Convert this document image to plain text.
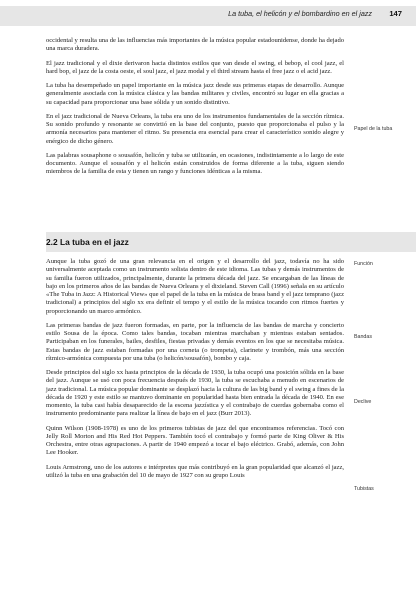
La tuba, el helicón y el bombardino en el jazz 147

occidental y resulta una de las influencias más importantes de la música popular estadounidense, donde ha dejado una marca duradera.

El jazz tradicional y el dixie derivaron hacia distintos estilos que van desde el swing, el bebop, el cool jazz, el hard bop, el jazz de la costa oeste, el soul jazz, el jazz modal y el third stream hasta el free jazz o el acid jazz.

La tuba ha desempeñado un papel importante en la música jazz desde sus primeras etapas de desarrollo. Aunque generalmente asociada con la música clásica y las bandas militares y civiles, encontró su lugar en ella gracias a su capacidad para proporcionar una base sólida y un sonido distintivo.

En el jazz tradicional de Nueva Orleans, la tuba era uno de los instrumentos fundamentales de la sección rítmica. Su sonido profundo y resonante se convirtió en la base del conjunto, puesto que proporcionaba el pulso y la armonía necesarios para mantener el ritmo. Su presencia era esencial para crear el característico sonido alegre y enérgico de dicho género.

Las palabras sousaphone o sousafón, helicón y tuba se utilizarán, en ocasiones, indistintamente a lo largo de este documento. Aunque el sousafón y el helicón están construidos de forma diferente a la tuba, siguen siendo miembros de la familia de esta y tienen un rango y funciones idénticas a la misma.

Papel de la tuba
2.2 La tuba en el jazz

Aunque la tuba gozó de una gran relevancia en el origen y el desarrollo del jazz, todavía no ha sido universalmente aceptada como un instrumento solista dentro de este idioma. Las tubas y demás instrumentos de su familia fueron utilizados, principalmente, durante la primera década del jazz. Se encargaban de las líneas de bajo en los primeros años de las bandas de Nueva Orleans y el dixieland. Steven Call (1996) señala en su artículo «The Tuba in Jazz: A Historical View» que el papel de la tuba en la música de brass band y el jazz temprano (jazz tradicional) a principios del siglo xx era definir el tempo y el estilo de la música tocando con ritmos fuertes y proporcionando un marco armónico.

Las primeras bandas de jazz fueron formadas, en parte, por la influencia de las bandas de marcha y concierto estilo Sousa de la época. Como tales bandas, tocaban mientras marchaban y mientras estaban sentados. Participaban en los funerales, bailes, desfiles, fiestas privadas y demás eventos en los que se necesitaba música. Estas bandas de jazz estaban formadas por una corneta (o trompeta), clarinete y trombón, más una sección rítmico-armónica compuesta por una tuba (o helicón/sousafón), bombo y caja.

Desde principios del siglo xx hasta principios de la década de 1930, la tuba ocupó una posición sólida en la base del jazz. Aunque se usó con poca frecuencia después de 1930, la tuba se escuchaba a menudo en escenarios de jazz tradicional. La música popular dominante se desplazó hacia la cultura de las big band y el swing a fines de la década de 1920 y este estilo se mantuvo dominante en popularidad hasta bien entrada la década de 1940. En ese momento, la tuba casi había desaparecido de la escena jazzística y el contrabajo de cuerdas gobernaba como el instrumento predominante para realizar la línea de bajo en el jazz (Burr 2013).

Quinn Wilson (1908-1978) es uno de los primeros tubistas de jazz del que encontramos referencias. Tocó con Jelly Roll Morton and His Red Hot Peppers. También tocó el contrabajo y formó parte de King Oliver & His Orchestra, entre otras agrupaciones. A partir de 1940 empezó a tocar el bajo eléctrico. Grabó, además, con John Lee Hooker.

Louis Armstrong, uno de los autores e intérpretes que más contribuyó en la gran popularidad que alcanzó el jazz, utilizó la tuba en una grabación del 10 de mayo de 1927 con su grupo Louis

Función
Bandas
Declive
Tubistas
